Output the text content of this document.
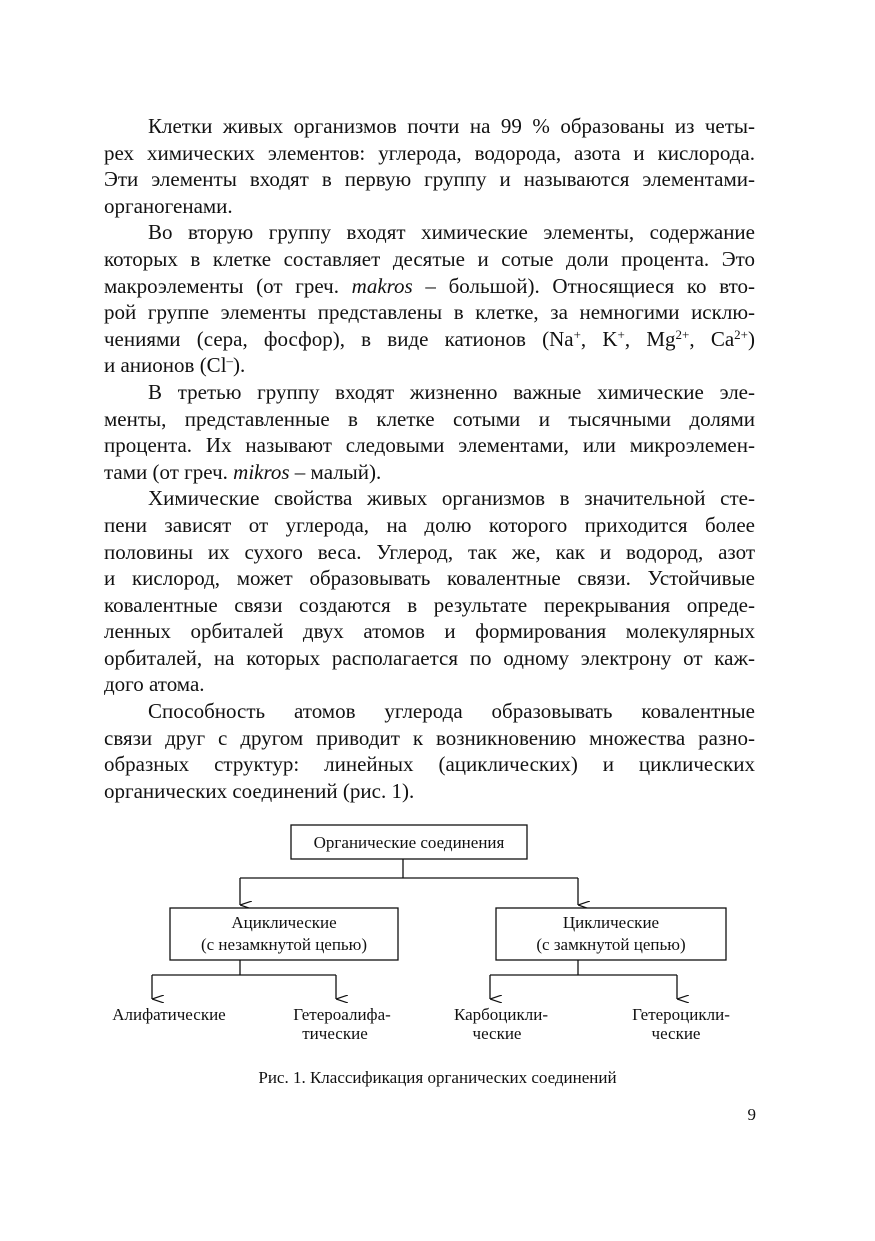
Клетки живых организмов почти на 99 % образованы из четы-
рех химических элементов: углерода, водорода, азота и кислорода.
Эти элементы входят в первую группу и называются элементами-
органогенами.
Во вторую группу входят химические элементы, содержание
которых в клетке составляет десятые и сотые доли процента. Это
макроэлементы (от греч. makros – большой). Относящиеся ко вто-
рой группе элементы представлены в клетке, за немногими исклю-
чениями (сера, фосфор), в виде катионов (Na+, K+, $Mg^{2+}$, $Ca^{2+}$)
и анионов (Cl–).
В третью группу входят жизненно важные химические эле-
менты, представленные в клетке сотыми и тысячными долями
процента. Их называют следовыми элементами, или микроэлемен-
тами (от греч. mikros – малый).
Химические свойства живых организмов в значительной сте-
пени зависят от углерода, на долю которого приходится более
половины их сухого веса. Углерод, так же, как и водород, азот
и кислород, может образовывать ковалентные связи. Устойчивые
ковалентные связи создаются в результате перекрывания опреде-
ленных орбиталей двух атомов и формирования молекулярных
орбиталей, на которых располагается по одному электрону от каж-
дого атома.
Способность атомов углерода образовывать ковалентные
связи друг с другом приводит к возникновению множества разно-
образных структур: линейных (ациклических) и циклических
органических соединений (рис. 1).
Органические соединения
Ациклические
(с незамкнутой цепью)
Циклические
(с замкнутой цепью)
Алифатические	Гетероалифа-
тические
Карбоцикли-
ческие
Гетероцикли-
ческие
Рис. 1. Классификация органических соединений
9
